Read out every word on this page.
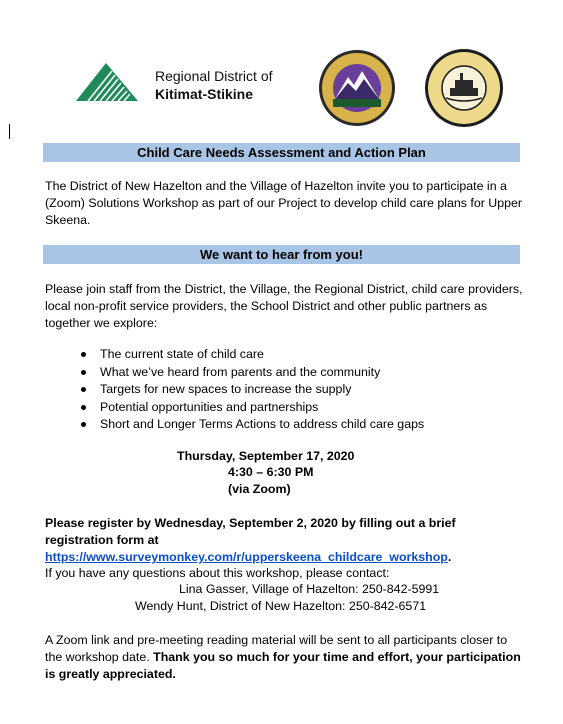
Regional District of
Kitimat-Stikine
Child Care Needs Assessment and Action Plan
The District of New Hazelton and the Village of Hazelton invite you to participate in a (Zoom) Solutions Workshop as part of our Project to develop child care plans for Upper Skeena.
We want to hear from you!
Please join staff from the District, the Village, the Regional District, child care providers, local non-profit service providers, the School District and other public partners as together we explore:
The current state of child care
What we’ve heard from parents and the community
Targets for new spaces to increase the supply
Potential opportunities and partnerships
Short and Longer Terms Actions to address child care gaps
Thursday, September 17, 2020
4:30 – 6:30 PM
(via Zoom)
Please register by Wednesday, September 2, 2020 by filling out a brief registration form at https://www.surveymonkey.com/r/upperskeena_childcare_workshop.
If you have any questions about this workshop, please contact:
Lina Gasser, Village of Hazelton: 250-842-5991
Wendy Hunt, District of New Hazelton: 250-842-6571
A Zoom link and pre-meeting reading material will be sent to all participants closer to the workshop date. Thank you so much for your time and effort, your participation is greatly appreciated.
